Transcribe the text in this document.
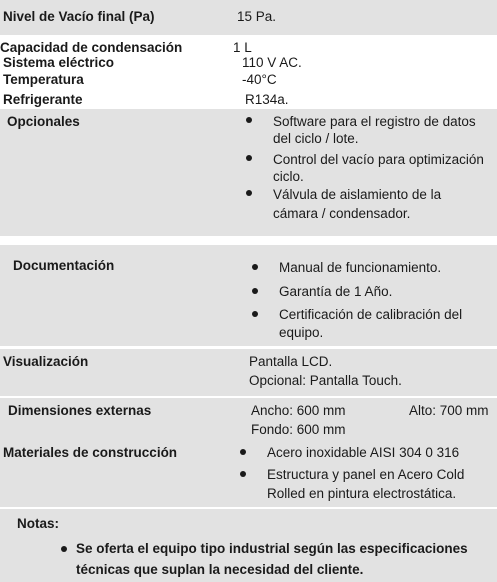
Nivel de Vacío final (Pa)	15 Pa.
Capacidad de condensación	1 L
Sistema eléctrico	110 V AC.
Temperatura	-40°C
Refrigerante	R134a.
Opcionales	Software para el registro de datos
del ciclo / lote.
Control del vacío para optimización
ciclo.
Válvula de aislamiento de la
cámara / condensador.
Documentación	Manual de funcionamiento.
Garantía de 1 Año.
Certificación de calibración del
equipo.
Visualización	Pantalla LCD.
Opcional: Pantalla Touch.
Dimensiones externas	Ancho: 600 mm	Alto: 700 mm
Fondo: 600 mm
Materiales de construcción	Acero inoxidable AISI 304 0 316
Estructura y panel en Acero Cold
Rolled en pintura electrostática.
Notas:
Se oferta el equipo tipo industrial según las especificaciones
técnicas que suplan la necesidad del cliente.
